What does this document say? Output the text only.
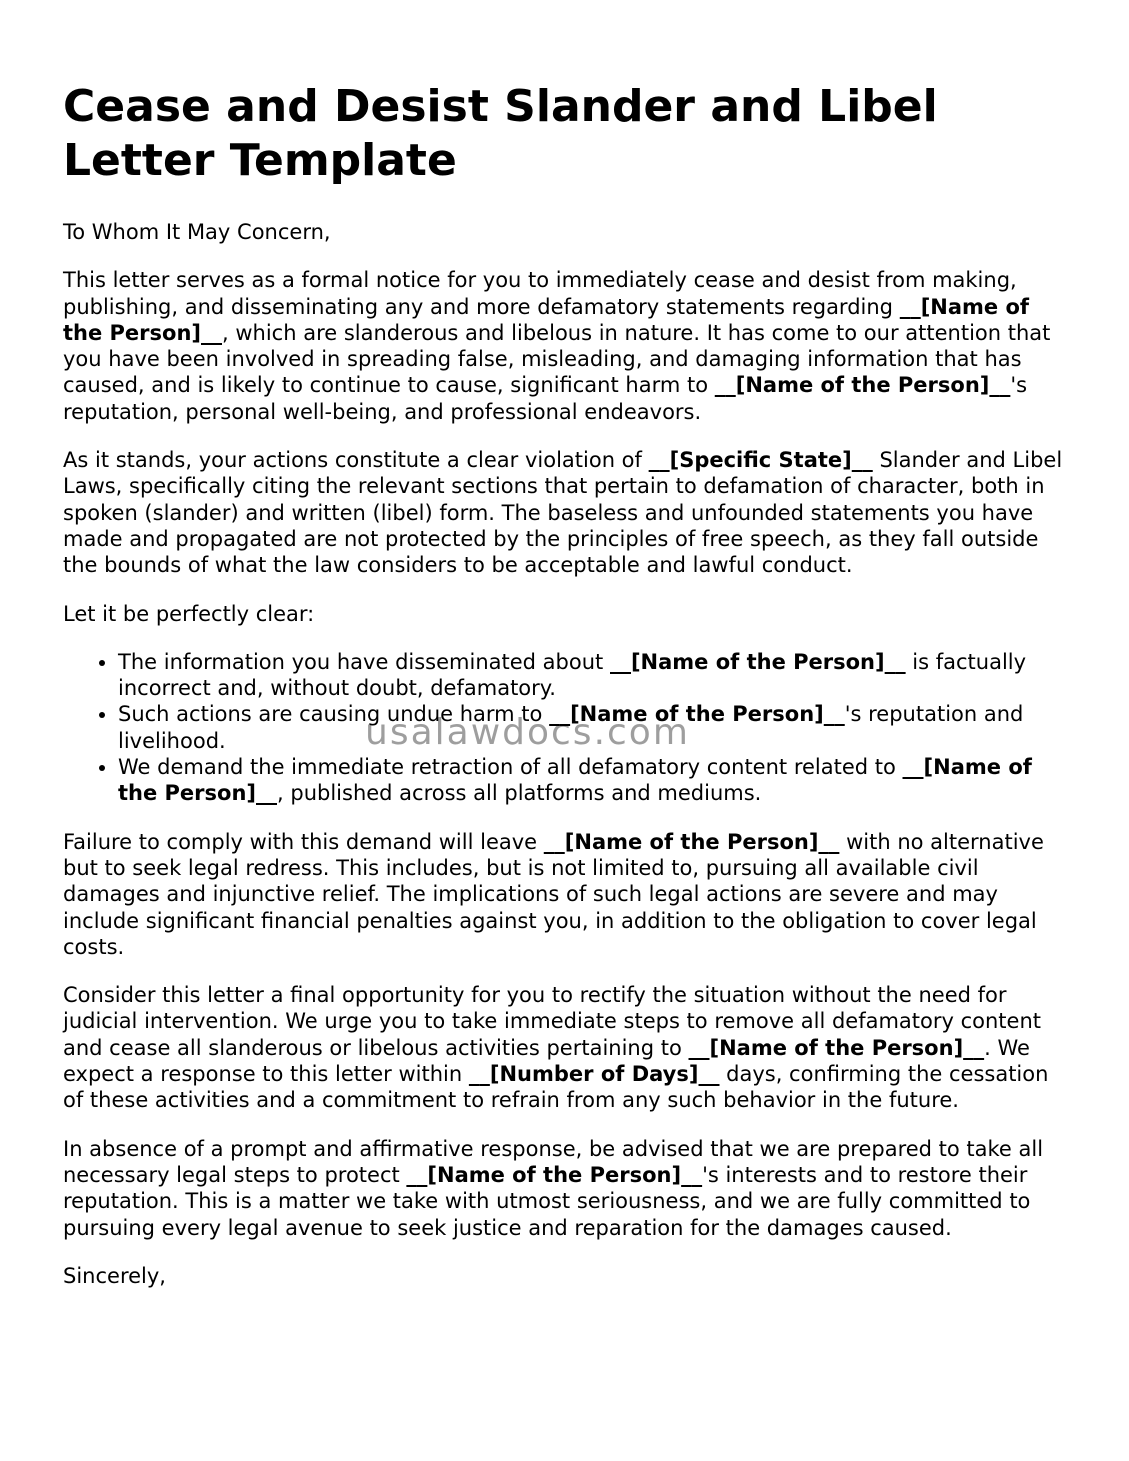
Cease and Desist Slander and Libel Letter Template

To Whom It May Concern,

This letter serves as a formal notice for you to immediately cease and desist from making, publishing, and disseminating any and more defamatory statements regarding __[Name of the Person]__, which are slanderous and libelous in nature. It has come to our attention that you have been involved in spreading false, misleading, and damaging information that has caused, and is likely to continue to cause, significant harm to __[Name of the Person]__'s reputation, personal well-being, and professional endeavors.

As it stands, your actions constitute a clear violation of __[Specific State]__ Slander and Libel Laws, specifically citing the relevant sections that pertain to defamation of character, both in spoken (slander) and written (libel) form. The baseless and unfounded statements you have made and propagated are not protected by the principles of free speech, as they fall outside the bounds of what the law considers to be acceptable and lawful conduct.

Let it be perfectly clear:

• The information you have disseminated about __[Name of the Person]__ is factually incorrect and, without doubt, defamatory.
• Such actions are causing undue harm to __[Name of the Person]__'s reputation and livelihood.
• We demand the immediate retraction of all defamatory content related to __[Name of the Person]__, published across all platforms and mediums.

Failure to comply with this demand will leave __[Name of the Person]__ with no alternative but to seek legal redress. This includes, but is not limited to, pursuing all available civil damages and injunctive relief. The implications of such legal actions are severe and may include significant financial penalties against you, in addition to the obligation to cover legal costs.

Consider this letter a final opportunity for you to rectify the situation without the need for judicial intervention. We urge you to take immediate steps to remove all defamatory content and cease all slanderous or libelous activities pertaining to __[Name of the Person]__. We expect a response to this letter within __[Number of Days]__ days, confirming the cessation of these activities and a commitment to refrain from any such behavior in the future.

In absence of a prompt and affirmative response, be advised that we are prepared to take all necessary legal steps to protect __[Name of the Person]__'s interests and to restore their reputation. This is a matter we take with utmost seriousness, and we are fully committed to pursuing every legal avenue to seek justice and reparation for the damages caused.

Sincerely,

usalawdocs.com
